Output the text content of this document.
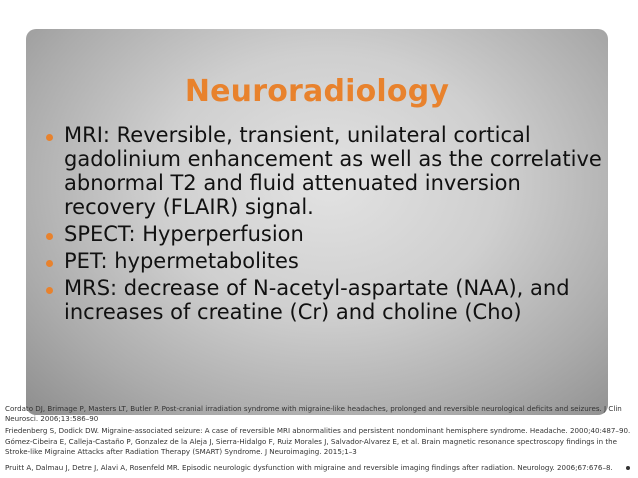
Neuroradiology
MRI: Reversible, transient, unilateral cortical gadolinium enhancement as well as the correlative abnormal T2 and fluid attenuated inversion recovery (FLAIR) signal.
SPECT: Hyperperfusion
PET: hypermetabolites
MRS: decrease of N-acetyl-aspartate (NAA), and increases of creatine (Cr) and choline (Cho)
Cordato DJ, Brimage P, Masters LT, Butler P. Post-cranial irradiation syndrome with migraine-like headaches, prolonged and reversible neurological deficits and seizures. J Clin Neurosci. 2006;13:586–90
Friedenberg S, Dodick DW. Migraine-associated seizure: A case of reversible MRI abnormalities and persistent nondominant hemisphere syndrome. Headache. 2000;40:487–90.
Gómez-Cibeira E, Calleja-Castaño P, Gonzalez de la Aleja J, Sierra-Hidalgo F, Ruiz Morales J, Salvador-Alvarez E, et al. Brain magnetic resonance spectroscopy findings in the Stroke-like Migraine Attacks after Radiation Therapy (SMART) Syndrome. J Neuroimaging. 2015;1–3
Pruitt A, Dalmau J, Detre J, Alavi A, Rosenfeld MR. Episodic neurologic dysfunction with migraine and reversible imaging findings after radiation. Neurology. 2006;67:676–8.
